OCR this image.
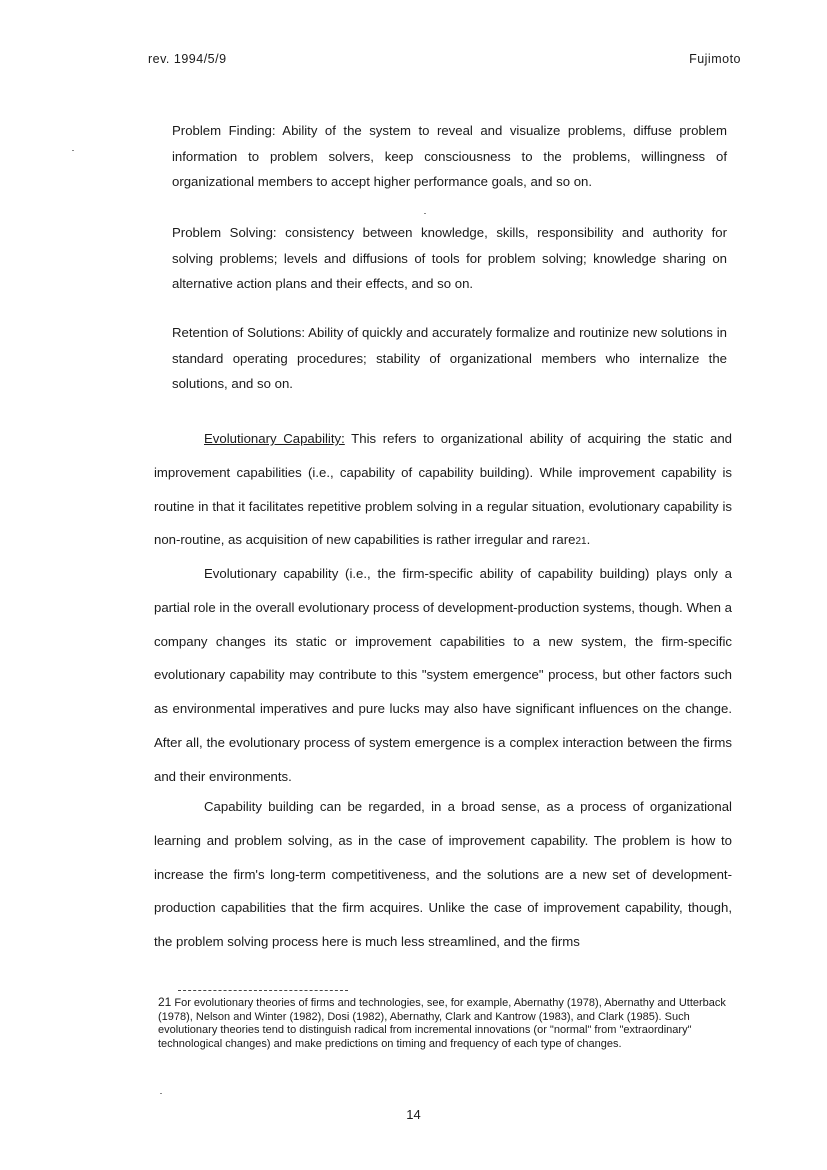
rev. 1994/5/9	Fujimoto
Problem Finding: Ability of the system to reveal and visualize problems, diffuse problem information to problem solvers, keep consciousness to the problems, willingness of organizational members to accept higher performance goals, and so on.
Problem Solving: consistency between knowledge, skills, responsibility and authority for solving problems; levels and diffusions of tools for problem solving; knowledge sharing on alternative action plans and their effects, and so on.
Retention of Solutions: Ability of quickly and accurately formalize and routinize new solutions in standard operating procedures; stability of organizational members who internalize the solutions, and so on.
Evolutionary Capability: This refers to organizational ability of acquiring the static and improvement capabilities (i.e., capability of capability building). While improvement capability is routine in that it facilitates repetitive problem solving in a regular situation, evolutionary capability is non-routine, as acquisition of new capabilities is rather irregular and rare21.
Evolutionary capability (i.e., the firm-specific ability of capability building) plays only a partial role in the overall evolutionary process of development-production systems, though. When a company changes its static or improvement capabilities to a new system, the firm-specific evolutionary capability may contribute to this "system emergence" process, but other factors such as environmental imperatives and pure lucks may also have significant influences on the change. After all, the evolutionary process of system emergence is a complex interaction between the firms and their environments.
Capability building can be regarded, in a broad sense, as a process of organizational learning and problem solving, as in the case of improvement capability. The problem is how to increase the firm's long-term competitiveness, and the solutions are a new set of development-production capabilities that the firm acquires. Unlike the case of improvement capability, though, the problem solving process here is much less streamlined, and the firms
21 For evolutionary theories of firms and technologies, see, for example, Abernathy (1978), Abernathy and Utterback (1978), Nelson and Winter (1982), Dosi (1982), Abernathy, Clark and Kantrow (1983), and Clark (1985). Such evolutionary theories tend to distinguish radical from incremental innovations (or "normal" from "extraordinary" technological changes) and make predictions on timing and frequency of each type of changes.
14
